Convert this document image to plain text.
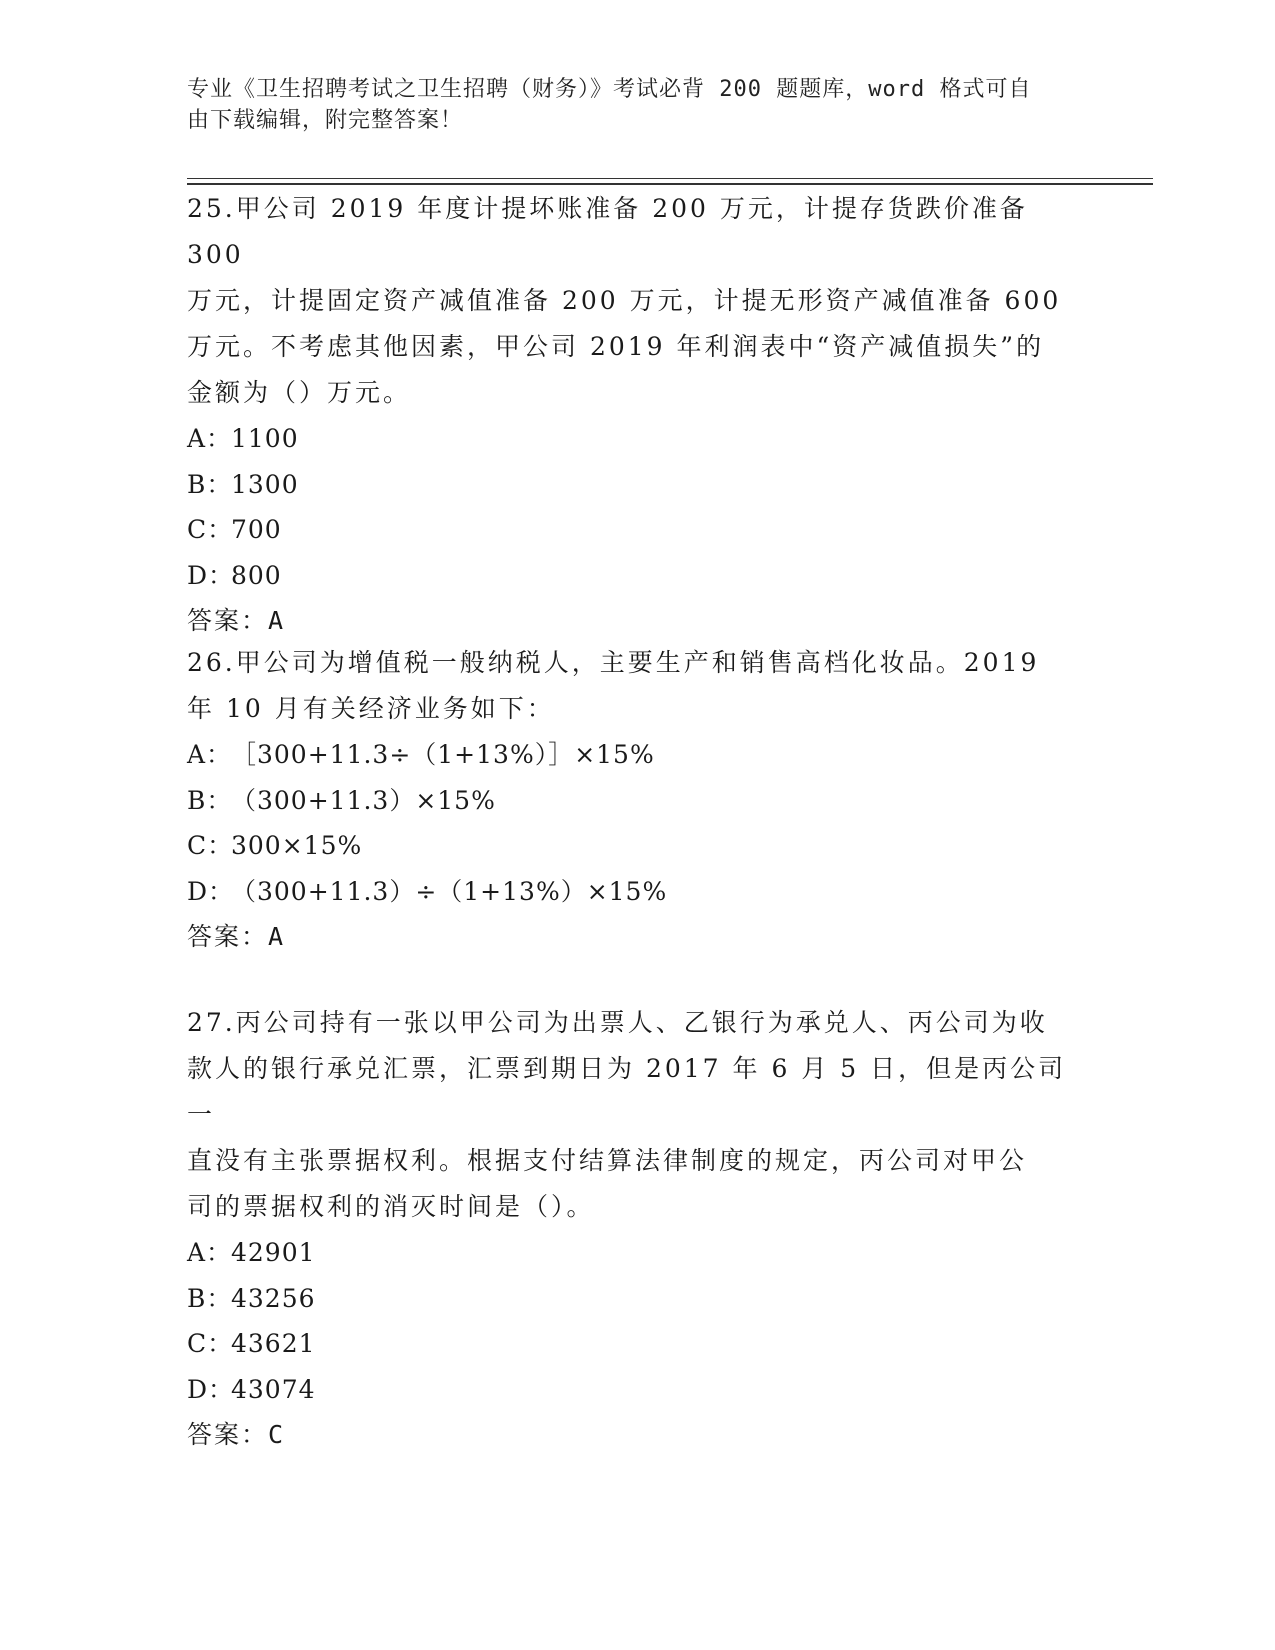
专业《卫生招聘考试之卫生招聘（财务）》考试必背 200 题题库，word 格式可自
由下载编辑，附完整答案！
25.甲公司 2019 年度计提坏账准备 200 万元，计提存货跌价准备 300
万元，计提固定资产减值准备 200 万元，计提无形资产减值准备 600
万元。不考虑其他因素，甲公司 2019 年利润表中“资产减值损失”的
金额为（）万元。
A：1100
B：1300
C：700
D：800
答案：A
26.甲公司为增值税一般纳税人，主要生产和销售高档化妆品。2019
年 10 月有关经济业务如下：
A：［300+11.3÷（1+13%）］×15%
B：（300+11.3）×15%
C：300×15%
D：（300+11.3）÷（1+13%）×15%
答案：A
27.丙公司持有一张以甲公司为出票人、乙银行为承兑人、丙公司为收
款人的银行承兑汇票，汇票到期日为 2017 年 6 月 5 日，但是丙公司一
直没有主张票据权利。根据支付结算法律制度的规定，丙公司对甲公
司的票据权利的消灭时间是（）。
A：42901
B：43256
C：43621
D：43074
答案：C
